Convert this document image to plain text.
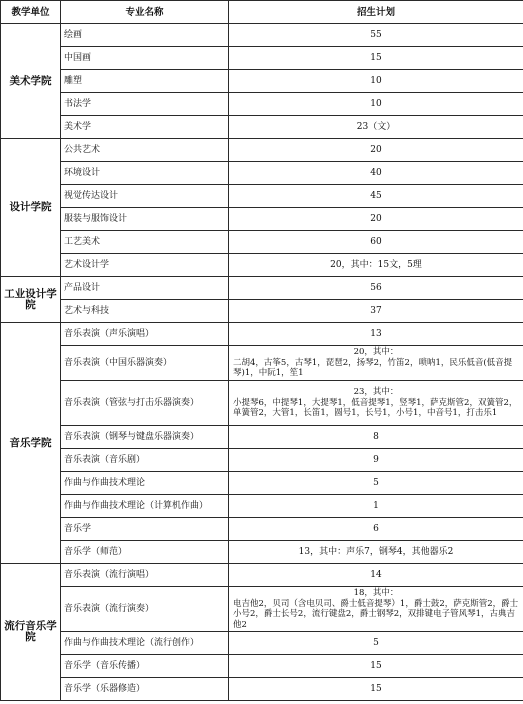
教学单位	专业名称	招生计划
美术学院	绘画	55
	中国画	15
	雕塑	10
	书法学	10
	美术学	23（文）
设计学院	公共艺术	20
	环境设计	40
	视觉传达设计	45
	服装与服饰设计	20
	工艺美术	60
	艺术设计学	20，其中：15文，5理
工业设计学院	产品设计	56
	艺术与科技	37
音乐学院	音乐表演（声乐演唱）	13
	音乐表演（中国乐器演奏）	20，其中：
二胡4，古筝5，古琴1，琵琶2，扬琴2，竹笛2，唢呐1，民乐低音(低音提琴)1，中阮1，笙1

	音乐表演（管弦与打击乐器演奏）	23，其中：
小提琴6，中提琴1，大提琴1，低音提琴1，竖琴1，萨克斯管2，双簧管2，单簧管2，大管1，长笛1，圆号1，长号1，小号1，中音号1，打击乐1

	音乐表演（钢琴与键盘乐器演奏）	8
	音乐表演（音乐剧）	9
	作曲与作曲技术理论	5
	作曲与作曲技术理论（计算机作曲）	1
	音乐学	6
	音乐学（师范）	13，其中：声乐7，钢琴4，其他器乐2
流行音乐学院	音乐表演（流行演唱）	14
	音乐表演（流行演奏）	18，其中：
电吉他2，贝司（含电贝司、爵士低音提琴）1，爵士鼓2，萨克斯管2，爵士小号2，爵士长号2，流行键盘2，爵士钢琴2，双排键电子管风琴1，古典吉他2

	作曲与作曲技术理论（流行创作）	5
	音乐学（音乐传播）	15
	音乐学（乐器修造）	15
